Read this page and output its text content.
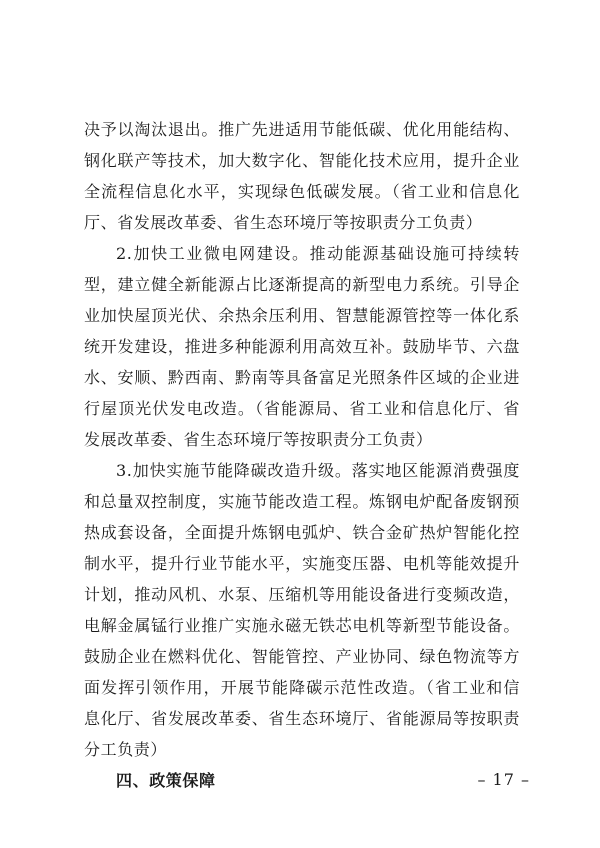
决予以淘汰退出。推广先进适用节能低碳、优化用能结构、钢化联产等技术，加大数字化、智能化技术应用，提升企业全流程信息化水平，实现绿色低碳发展。（省工业和信息化厅、省发展改革委、省生态环境厅等按职责分工负责）

2.加快工业微电网建设。推动能源基础设施可持续转型，建立健全新能源占比逐渐提高的新型电力系统。引导企业加快屋顶光伏、余热余压利用、智慧能源管控等一体化系统开发建设，推进多种能源利用高效互补。鼓励毕节、六盘水、安顺、黔西南、黔南等具备富足光照条件区域的企业进行屋顶光伏发电改造。（省能源局、省工业和信息化厅、省发展改革委、省生态环境厅等按职责分工负责）

3.加快实施节能降碳改造升级。落实地区能源消费强度和总量双控制度，实施节能改造工程。炼钢电炉配备废钢预热成套设备，全面提升炼钢电弧炉、铁合金矿热炉智能化控制水平，提升行业节能水平，实施变压器、电机等能效提升计划，推动风机、水泵、压缩机等用能设备进行变频改造，电解金属锰行业推广实施永磁无铁芯电机等新型节能设备。鼓励企业在燃料优化、智能管控、产业协同、绿色物流等方面发挥引领作用，开展节能降碳示范性改造。（省工业和信息化厅、省发展改革委、省生态环境厅、省能源局等按职责分工负责）

四、政策保障	– 17 –
